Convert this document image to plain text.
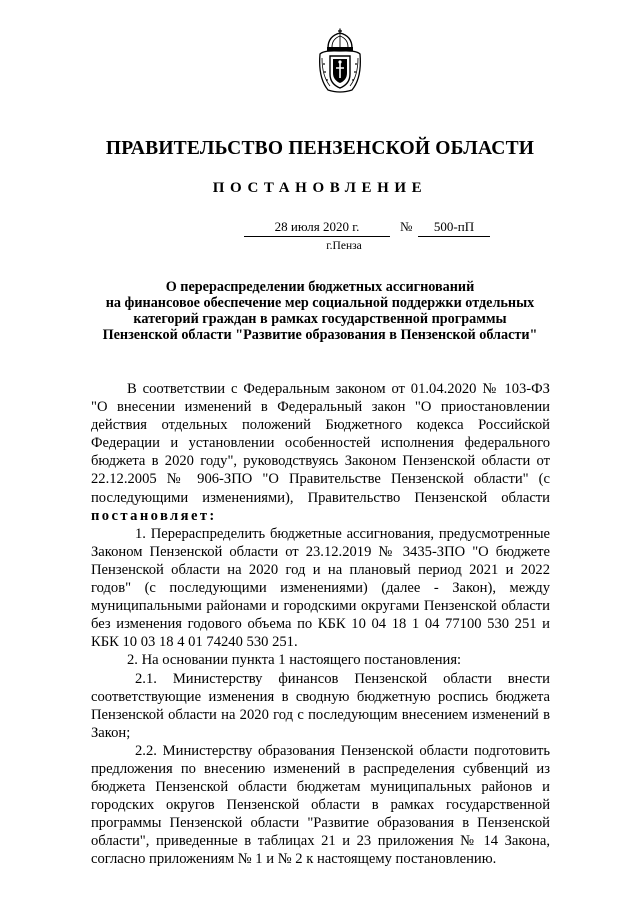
ПРАВИТЕЛЬСТВО ПЕНЗЕНСКОЙ ОБЛАСТИ
ПОСТАНОВЛЕНИЕ
28 июля 2020 г.	№	500-пП
г.Пенза
О перераспределении бюджетных ассигнований
на финансовое обеспечение мер социальной поддержки отдельных
категорий граждан в рамках государственной программы
Пензенской области "Развитие образования в Пензенской области"

В соответствии с Федеральным законом от 01.04.2020 № 103-ФЗ "О внесении изменений в Федеральный закон "О приостановлении действия отдельных положений Бюджетного кодекса Российской Федерации и установлении особенностей исполнения федерального бюджета в 2020 году", руководствуясь Законом Пензенской области от 22.12.2005 № 906-ЗПО "О Правительстве Пензенской области" (с последующими изменениями), Правительство Пензенской области постановляет:

1. Перераспределить бюджетные ассигнования, предусмотренные Законом Пензенской области от 23.12.2019 № 3435-ЗПО "О бюджете Пензенской области на 2020 год и на плановый период 2021 и 2022 годов" (с последующими изменениями) (далее - Закон), между муниципальными районами и городскими округами Пензенской области без изменения годового объема по КБК 10 04 18 1 04 77100 530 251 и КБК 10 03 18 4 01 74240 530 251.

2. На основании пункта 1 настоящего постановления:

2.1. Министерству финансов Пензенской области внести соответствующие изменения в сводную бюджетную роспись бюджета Пензенской области на 2020 год с последующим внесением изменений в Закон;

2.2. Министерству образования Пензенской области подготовить предложения по внесению изменений в распределения субвенций из бюджета Пензенской области бюджетам муниципальных районов и городских округов Пензенской области в рамках государственной программы Пензенской области "Развитие образования в Пензенской области", приведенные в таблицах 21 и 23 приложения № 14 Закона, согласно приложениям № 1 и № 2 к настоящему постановлению.
